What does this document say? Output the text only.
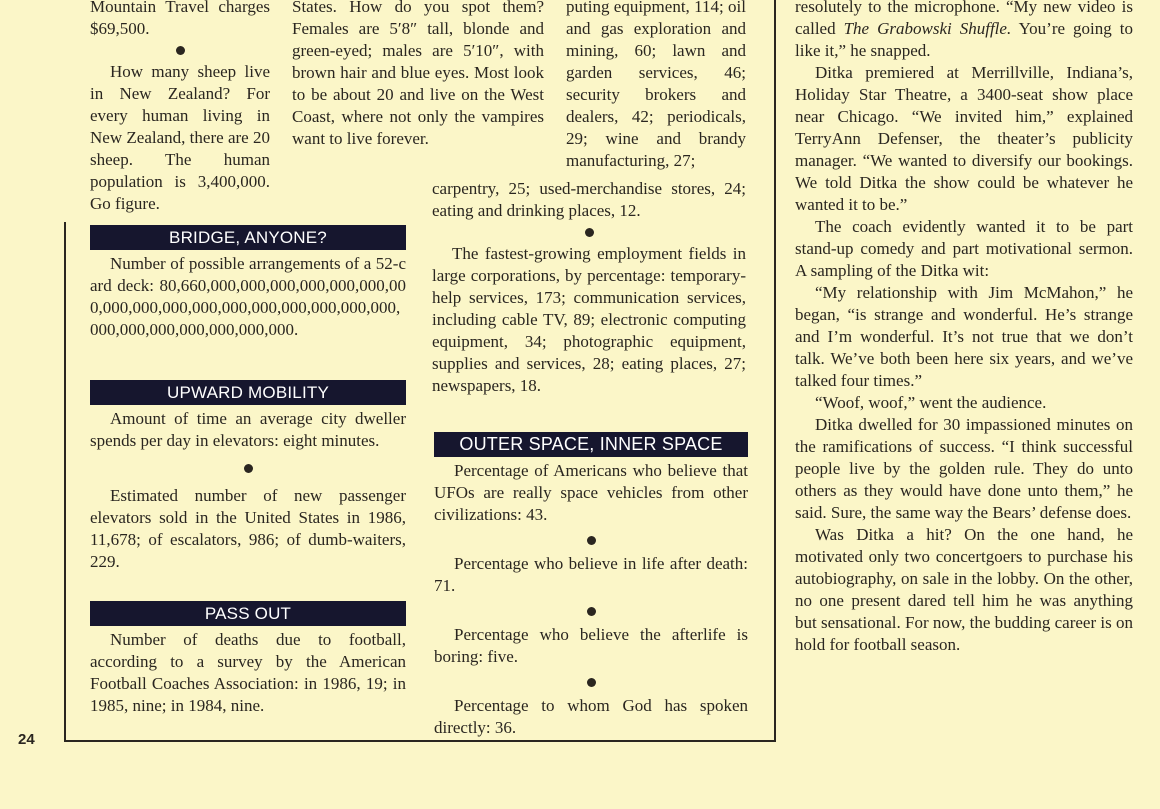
Mountain Travel charges $69,500.

How many sheep live in New Zealand? For every human living in New Zealand, there are 20 sheep. The human population is 3,400,000. Go figure.

States. How do you spot them? Females are 5′8″ tall, blonde and green-eyed; males are 5′10″, with brown hair and blue eyes. Most look to be about 20 and live on the West Coast, where not only the vampires want to live forever.

puting equipment, 114; oil and gas exploration and mining, 60; lawn and garden services, 46; security brokers and dealers, 42; periodicals, 29; wine and brandy manufacturing, 27;

carpentry, 25; used-merchandise stores, 24; eating and drinking places, 12.

The fastest-growing employment fields in large corporations, by percentage: temporary-help services, 173; communication services, including cable TV, 89; electronic computing equipment, 34; photographic equipment, supplies and services, 28; eating places, 27; newspapers, 18.

BRIDGE, ANYONE?

Number of possible arrangements of a 52-card deck: 80,660,000,000,000,000,000,000,000,000,000,000,000,000,000,000,000,000,000,000,000,000,000,000,000,000.

UPWARD MOBILITY

Amount of time an average city dweller spends per day in elevators: eight minutes.

Estimated number of new passenger elevators sold in the United States in 1986, 11,678; of escalators, 986; of dumb-waiters, 229.

PASS OUT

Number of deaths due to football, according to a survey by the American Football Coaches Association: in 1986, 19; in 1985, nine; in 1984, nine.

OUTER SPACE, INNER SPACE

Percentage of Americans who believe that UFOs are really space vehicles from other civilizations: 43.

Percentage who believe in life after death: 71.

Percentage who believe the afterlife is boring: five.

Percentage to whom God has spoken directly: 36.

resolutely to the microphone. “My new video is called The Grabowski Shuffle. You’re going to like it,” he snapped.

Ditka premiered at Merrillville, Indiana’s, Holiday Star Theatre, a 3400-seat show place near Chicago. “We invited him,” explained TerryAnn Defenser, the theater’s publicity manager. “We wanted to diversify our bookings. We told Ditka the show could be whatever he wanted it to be.”

The coach evidently wanted it to be part stand-up comedy and part motivational sermon. A sampling of the Ditka wit:

“My relationship with Jim McMahon,” he began, “is strange and wonderful. He’s strange and I’m wonderful. It’s not true that we don’t talk. We’ve both been here six years, and we’ve talked four times.”

“Woof, woof,” went the audience.

Ditka dwelled for 30 impassioned minutes on the ramifications of success. “I think successful people live by the golden rule. They do unto others as they would have done unto them,” he said. Sure, the same way the Bears’ defense does.

Was Ditka a hit? On the one hand, he motivated only two concertgoers to purchase his autobiography, on sale in the lobby. On the other, no one present dared tell him he was anything but sensational. For now, the budding career is on hold for football season.

24
